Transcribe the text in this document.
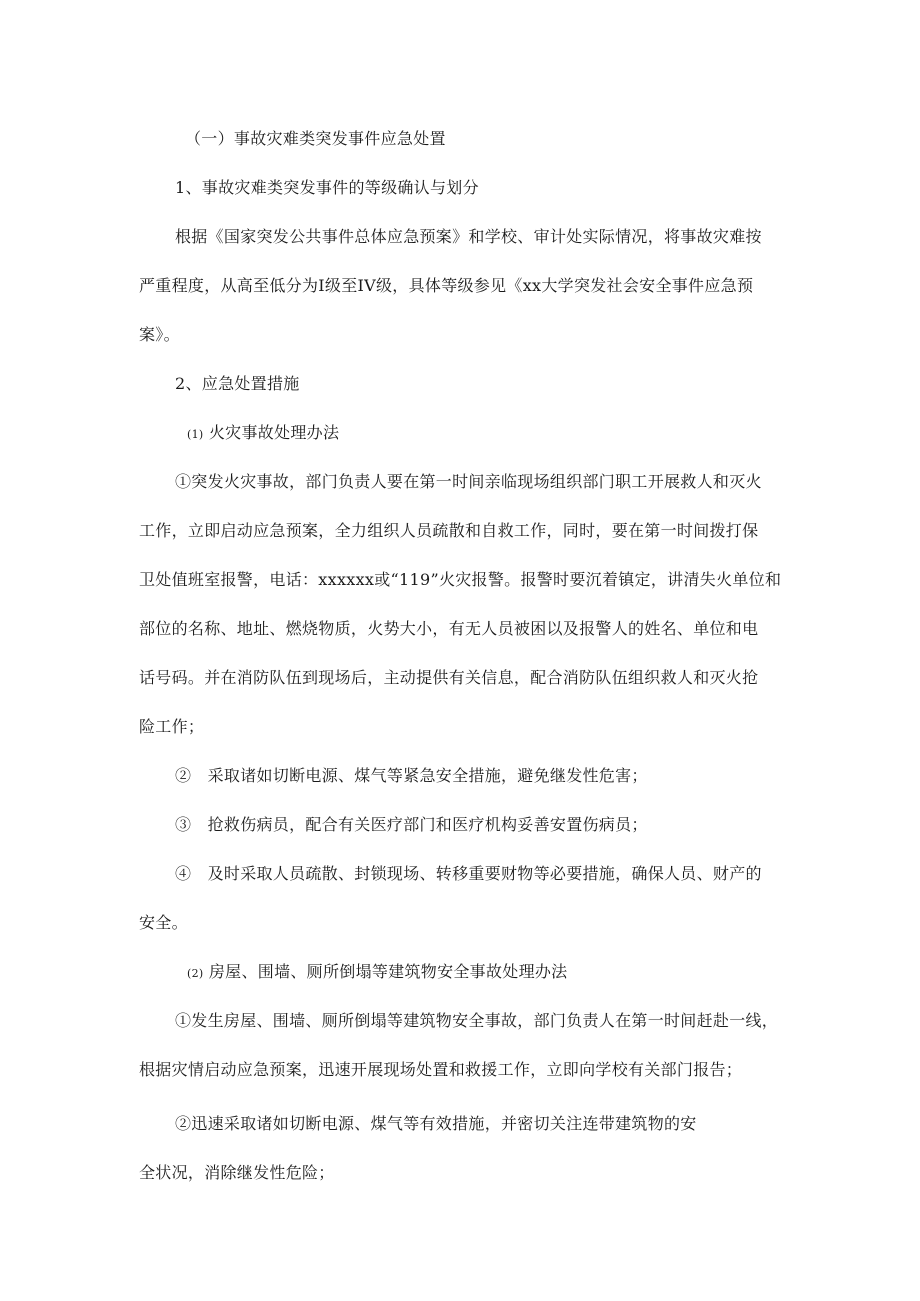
（一）事故灾难类突发事件应急处置
1、事故灾难类突发事件的等级确认与划分
根据《国家突发公共事件总体应急预案》和学校、审计处实际情况，将事故灾难按
严重程度，从高至低分为I级至IV级，具体等级参见《xx大学突发社会安全事件应急预
案》。
2、应急处置措施
(1) 火灾事故处理办法
①突发火灾事故，部门负责人要在第一时间亲临现场组织部门职工开展救人和灭火
工作，立即启动应急预案，全力组织人员疏散和自救工作，同时，要在第一时间拨打保
卫处值班室报警，电话：xxxxxx或“119”火灾报警。报警时要沉着镇定，讲清失火单位和
部位的名称、地址、燃烧物质，火势大小，有无人员被困以及报警人的姓名、单位和电
话号码。并在消防队伍到现场后，主动提供有关信息，配合消防队伍组织救人和灭火抢
险工作；
②　采取诸如切断电源、煤气等紧急安全措施，避免继发性危害；
③　抢救伤病员，配合有关医疗部门和医疗机构妥善安置伤病员；
④　及时采取人员疏散、封锁现场、转移重要财物等必要措施，确保人员、财产的
安全。
(2) 房屋、围墙、厕所倒塌等建筑物安全事故处理办法
①发生房屋、围墙、厕所倒塌等建筑物安全事故，部门负责人在第一时间赶赴一线，
根据灾情启动应急预案，迅速开展现场处置和救援工作，立即向学校有关部门报告；
②迅速采取诸如切断电源、煤气等有效措施，并密切关注连带建筑物的安
全状况，消除继发性危险；
